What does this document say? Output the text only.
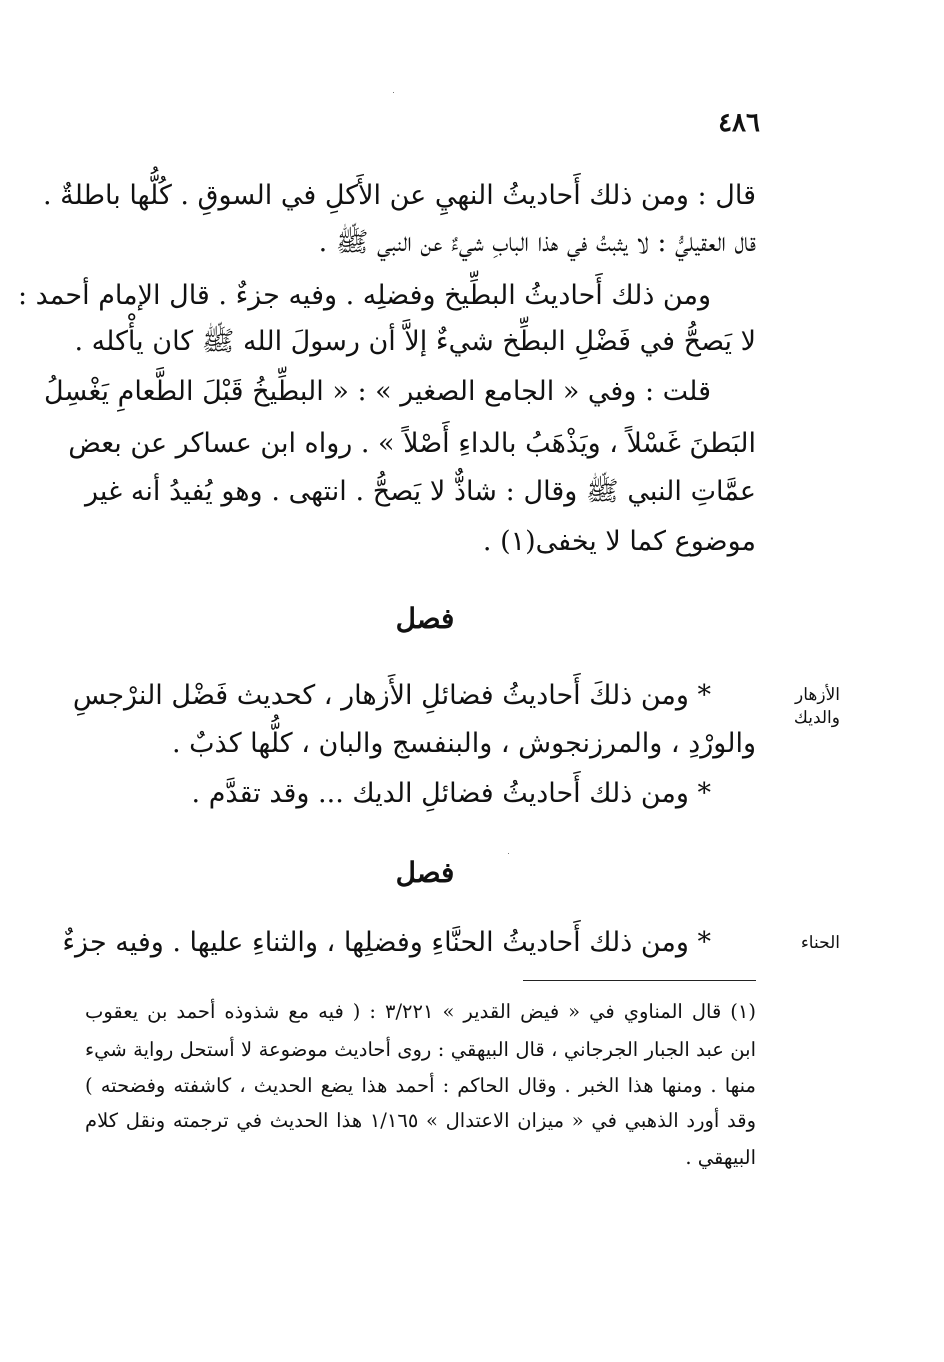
٤٨٦
قال : ومن ذلك أَحاديثُ النهيِ عن الأَكلِ في السوقِ . كُلُّها باطلةٌ .
قال العقيليُّ : لا يثبتُ في هذا البابِ شيءٌ عن النبي ﷺ .
ومن ذلك أَحاديثُ البطِّيخ وفضلِه . وفيه جزءٌ . قال الإمام أحمد :
لا يَصحُّ في فَضْلِ البطِّخ شيءٌ إلاَّ أن رسولَ الله ﷺ كان يأْكله .
قلت : وفي « الجامع الصغير » : « البطِّيخُ قَبْلَ الطَّعامِ يَغْسِلُ
البَطنَ غَسْلاً ، ويَذْهَبُ بالداءِ أَصْلاً » . رواه ابن عساكر عن بعض
عمَّاتِ النبي ﷺ وقال : شاذٌّ لا يَصحُّ . انتهى . وهو يُفيدُ أنه غير
موضوع كما لا يخفى(١) .
فصل
الأزهار
والديك
* ومن ذلكَ أَحاديثُ فضائلِ الأَزهار ، كحديث فَضْل النرْجسِ
والورْدِ ، والمرزنجوش ، والبنفسج والبان ، كلُّها كذبٌ .
* ومن ذلك أَحاديثُ فضائلِ الديك ... وقد تقدَّم .
فصل
الحناء
* ومن ذلك أَحاديثُ الحنَّاءِ وفضلِها ، والثناءِ عليها . وفيه جزءٌ
(١) قال المناوي في « فيض القدير » ٣/٢٢١ : ( فيه مع شذوذه أحمد بن يعقوب
ابن عبد الجبار الجرجاني ، قال البيهقي : روى أحاديث موضوعة لا أستحل رواية شيء
منها . ومنها هذا الخبر . وقال الحاكم : أحمد هذا يضع الحديث ، كاشفته وفضحته )
وقد أورد الذهبي في « ميزان الاعتدال » ١/١٦٥ هذا الحديث في ترجمته ونقل كلام
البيهقي .
